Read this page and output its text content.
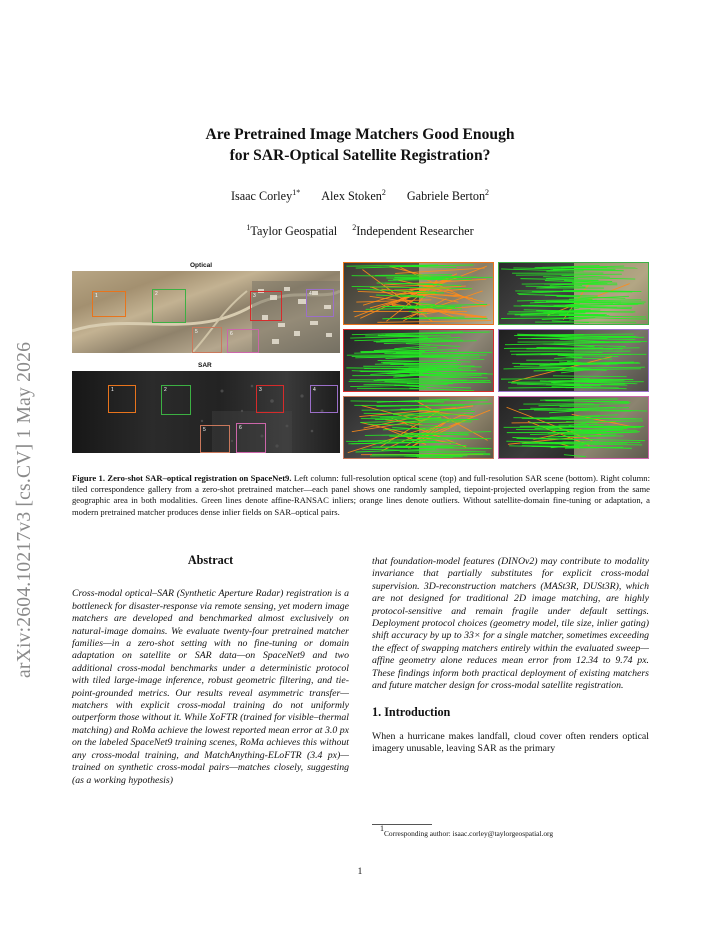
arXiv:2604.10217v3 [cs.CV] 1 May 2026
Are Pretrained Image Matchers Good Enough
for SAR-Optical Satellite Registration?
Isaac Corley$^{1*}$ Alex Stoken$^2$ Gabriele Berton$^2$
$^1$Taylor Geospatial $^2$Independent Researcher
Optical
1	2	3	4
5	6
SAR
1	2	3	4
5	6
Figure 1. Zero-shot SAR–optical registration on SpaceNet9. Left column: full-resolution optical scene (top) and full-resolution SAR scene (bottom). Right column: tiled correspondence gallery from a zero-shot pretrained matcher—each panel shows one randomly sampled, tiepoint-projected overlapping region from the same geographic area in both modalities. Green lines denote affine-RANSAC inliers; orange lines denote outliers. Without satellite-domain fine-tuning or adaptation, a modern pretrained matcher produces dense inlier fields on SAR–optical pairs.
Abstract
Cross-modal optical–SAR (Synthetic Aperture Radar) registration is a bottleneck for disaster-response via remote sensing, yet modern image matchers are developed and benchmarked almost exclusively on natural-image domains. We evaluate twenty-four pretrained matcher families—in a zero-shot setting with no fine-tuning or domain adaptation on satellite or SAR data—on SpaceNet9 and two additional cross-modal benchmarks under a deterministic protocol with tiled large-image inference, robust geometric filtering, and tie-point-grounded metrics. Our results reveal asymmetric transfer—matchers with explicit cross-modal training do not uniformly outperform those without it. While XoFTR (trained for visible–thermal matching) and RoMa achieve the lowest reported mean error at 3.0 px on the labeled SpaceNet9 training scenes, RoMa achieves this without any cross-modal training, and MatchAnything-ELoFTR (3.4 px)—trained on synthetic cross-modal pairs—matches closely, suggesting (as a working hypothesis)
that foundation-model features (DINOv2) may contribute to modality invariance that partially substitutes for explicit cross-modal supervision. 3D-reconstruction matchers (MASt3R, DUSt3R), which are not designed for traditional 2D image matching, are highly protocol-sensitive and remain fragile under default settings. Deployment protocol choices (geometry model, tile size, inlier gating) shift accuracy by up to 33× for a single matcher, sometimes exceeding the effect of swapping matchers entirely within the evaluated sweep—affine geometry alone reduces mean error from 12.34 to 9.74 px. These findings inform both practical deployment of existing matchers and future matcher design for cross-modal satellite registration.
1. Introduction
When a hurricane makes landfall, cloud cover often renders optical imagery unusable, leaving SAR as the primary
$^1$Corresponding author: isaac.corley@taylorgeospatial.org
1
